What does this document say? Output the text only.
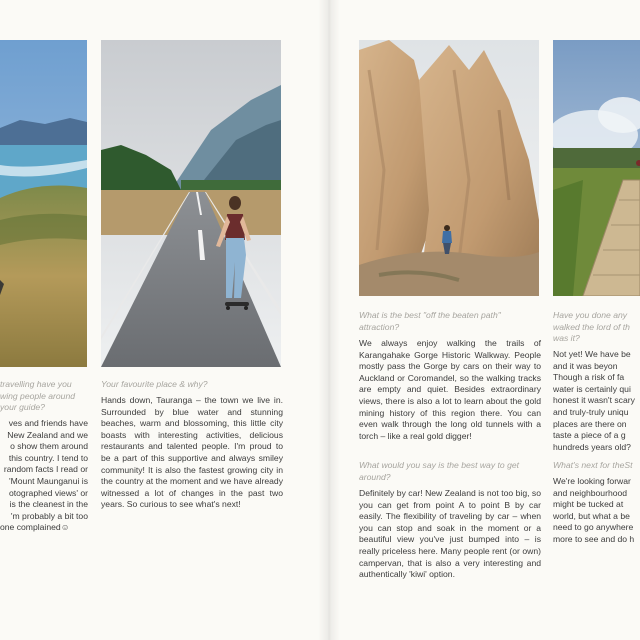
travelling have you
wing people around
your guide?
ves and friends have
New Zealand and we
o show them around
this country. I tend to
random facts I read or
'Mount Maunganui is
otographed views' or
is the cleanest in the
'm probably a bit too
one complained☺
Your favourite place & why?
Hands down, Tauranga – the town we live in. Surrounded by blue water and stunning beaches, warm and blossoming, this little city boasts with interesting activities, delicious restaurants and talented people. I'm proud to be a part of this supportive and always smiley community! It is also the fastest growing city in the country at the moment and we have already witnessed a lot of changes in the past two years. So curious to see what's next!
What is the best "off the beaten path" attraction?
We always enjoy walking the trails of Karangahake Gorge Historic Walkway. People mostly pass the Gorge by cars on their way to Auckland or Coromandel, so the walking tracks are empty and quiet. Besides extraordinary views, there is also a lot to learn about the gold mining history of this region there. You can even walk through the long old tunnels with a torch – like a real gold digger!
What would you say is the best way to get around?
Definitely by car! New Zealand is not too big, so you can get from point A to point B by car easily. The flexibility of traveling by car – when you can stop and soak in the moment or a beautiful view you've just bumped into – is really priceless here. Many people rent (or own) campervan, that is also a very interesting and authentically 'kiwi' option.
Have you done any
walked the lord of th
was it?
Not yet! We have be
and it was beyon
Though a risk of fa
water is certainly qui
honest it wasn't scary
and truly-truly uniqu
places are there on
taste a piece of a g
hundreds years old?
What's next for theSt
We're looking forwar
and neighbourhood
might be tucked at
world, but what a be
need to go anywhere
more to see and do h
